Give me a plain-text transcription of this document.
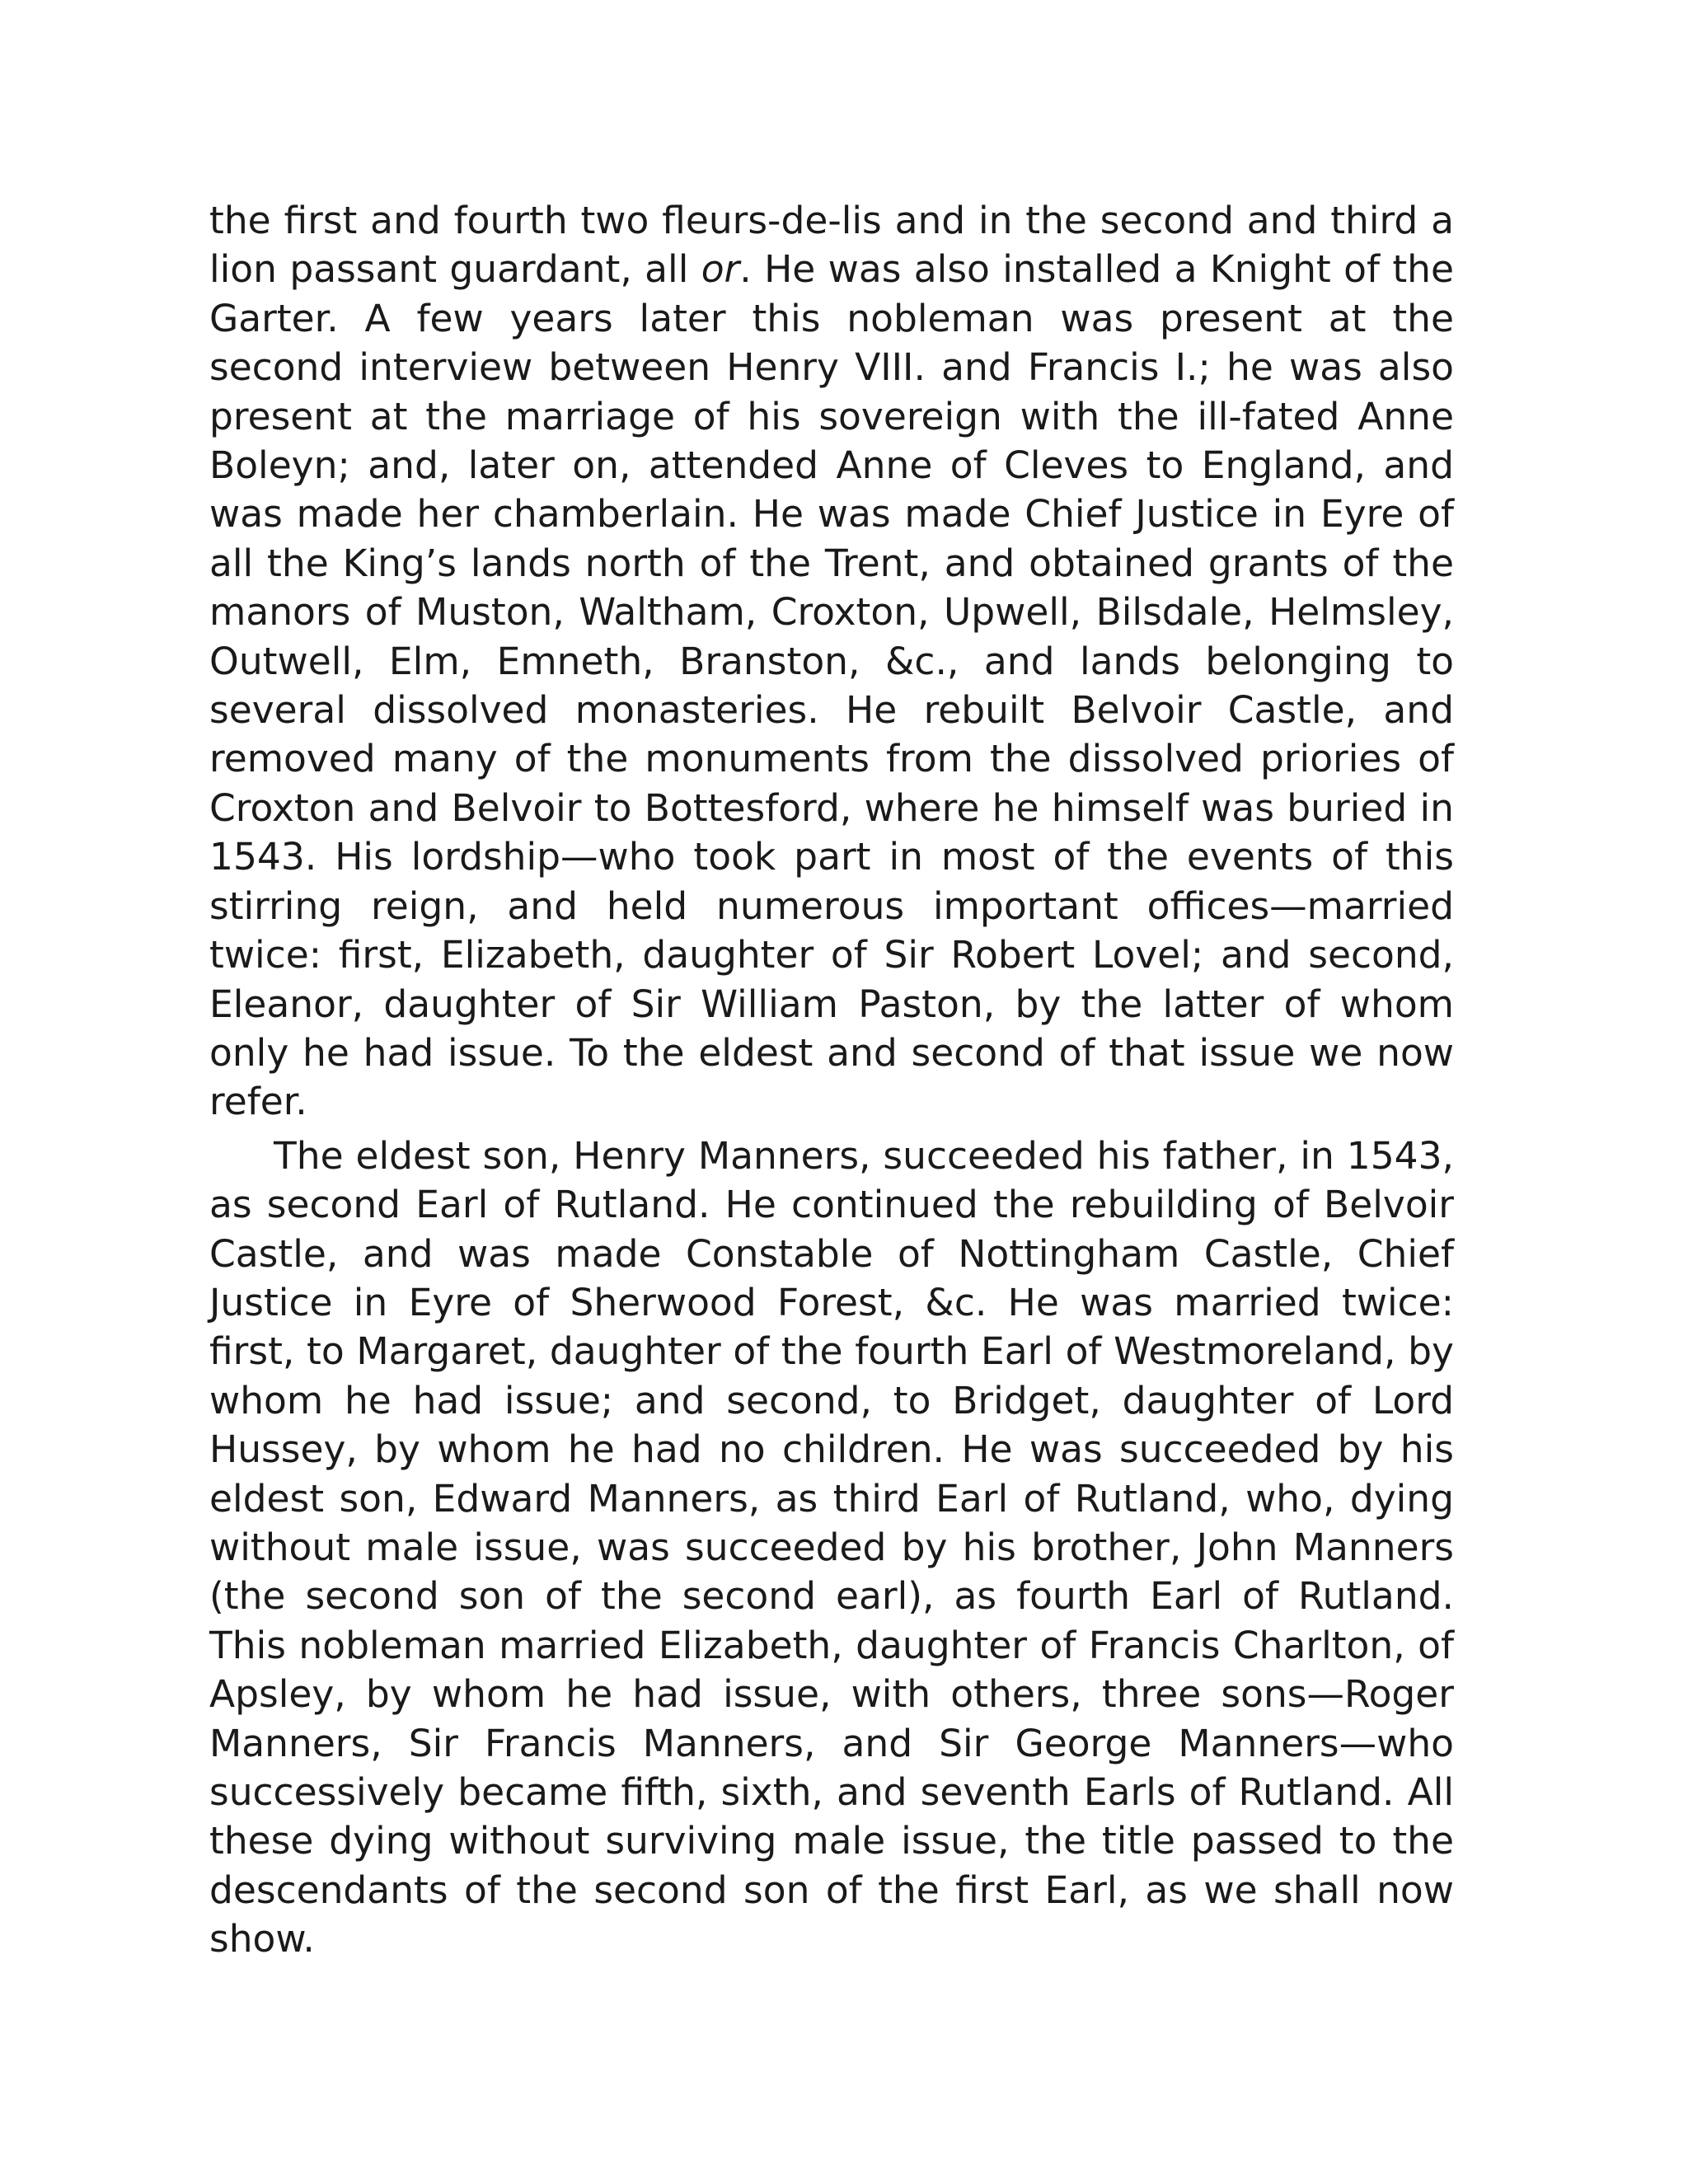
the first and fourth two fleurs-de-lis and in the second and third a lion passant guardant, all or. He was also installed a Knight of the Garter. A few years later this nobleman was present at the second interview between Henry VIII. and Francis I.; he was also present at the marriage of his sovereign with the ill-fated Anne Boleyn; and, later on, attended Anne of Cleves to England, and was made her chamberlain. He was made Chief Justice in Eyre of all the King’s lands north of the Trent, and obtained grants of the manors of Muston, Waltham, Croxton, Upwell, Bilsdale, Helmsley, Outwell, Elm, Emneth, Branston, &c., and lands belonging to several dissolved monasteries. He rebuilt Belvoir Castle, and removed many of the monuments from the dissolved priories of Croxton and Belvoir to Bottesford, where he himself was buried in 1543. His lordship—who took part in most of the events of this stirring reign, and held numerous important offices—married twice: first, Elizabeth, daughter of Sir Robert Lovel; and second, Eleanor, daughter of Sir William Paston, by the latter of whom only he had issue. To the eldest and second of that issue we now refer.

The eldest son, Henry Manners, succeeded his father, in 1543, as second Earl of Rutland. He continued the rebuilding of Belvoir Castle, and was made Constable of Nottingham Castle, Chief Justice in Eyre of Sherwood Forest, &c. He was married twice: first, to Margaret, daughter of the fourth Earl of Westmoreland, by whom he had issue; and second, to Bridget, daughter of Lord Hussey, by whom he had no children. He was succeeded by his eldest son, Edward Manners, as third Earl of Rutland, who, dying without male issue, was succeeded by his brother, John Manners (the second son of the second earl), as fourth Earl of Rutland. This nobleman married Elizabeth, daughter of Francis Charlton, of Apsley, by whom he had issue, with others, three sons—Roger Manners, Sir Francis Manners, and Sir George Manners—who successively became fifth, sixth, and seventh Earls of Rutland. All these dying without surviving male issue, the title passed to the descendants of the second son of the first Earl, as we shall now show.
